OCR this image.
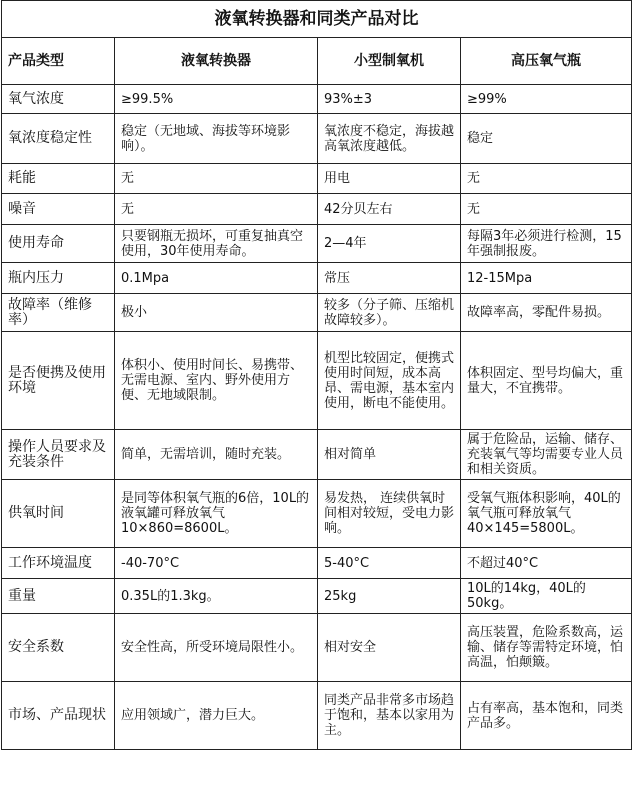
液氧转换器和同类产品对比			
产品类型	液氧转换器	小型制氧机	高压氧气瓶
氧气浓度	≥99.5%	93%±3	≥99%
氧浓度稳定性	稳定（无地域、海拔等环境影响）。	氧浓度不稳定，海拔越高氧浓度越低。	稳定
耗能	无	用电	无
噪音	无	42分贝左右	无
使用寿命	只要钢瓶无损坏，可重复抽真空使用，30年使用寿命。	2—4年	每隔3年必须进行检测，15年强制报废。
瓶内压力	0.1Mpa	常压	12-15Mpa
故障率（维修率）	极小	较多（分子筛、压缩机故障较多）。	故障率高，零配件易损。
是否便携及使用环境	体积小、使用时间长、易携带、无需电源、室内、野外使用方便、无地域限制。	机型比较固定，便携式使用时间短，成本高昂、需电源，基本室内使用，断电不能使用。	体积固定、型号均偏大，重量大，不宜携带。
操作人员要求及充装条件	简单，无需培训，随时充装。	相对简单	属于危险品，运输、储存、充装氧气等均需要专业人员和相关资质。
供氧时间	是同等体积氧气瓶的6倍，10L的液氧罐可释放氧气10×860=8600L。	易发热， 连续供氧时间相对较短，受电力影响。	受氧气瓶体积影响，40L的氧气瓶可释放氧气40×145=5800L。
工作环境温度	-40-70°C	5-40°C	不超过40°C
重量	0.35L的1.3kg。	25kg	10L的14kg，40L的50kg。
安全系数	安全性高，所受环境局限性小。	相对安全	高压装置，危险系数高，运输、储存等需特定环境，怕高温，怕颠簸。
市场、产品现状	应用领域广，潜力巨大。	同类产品非常多市场趋于饱和，基本以家用为主。	占有率高，基本饱和，同类产品多。
